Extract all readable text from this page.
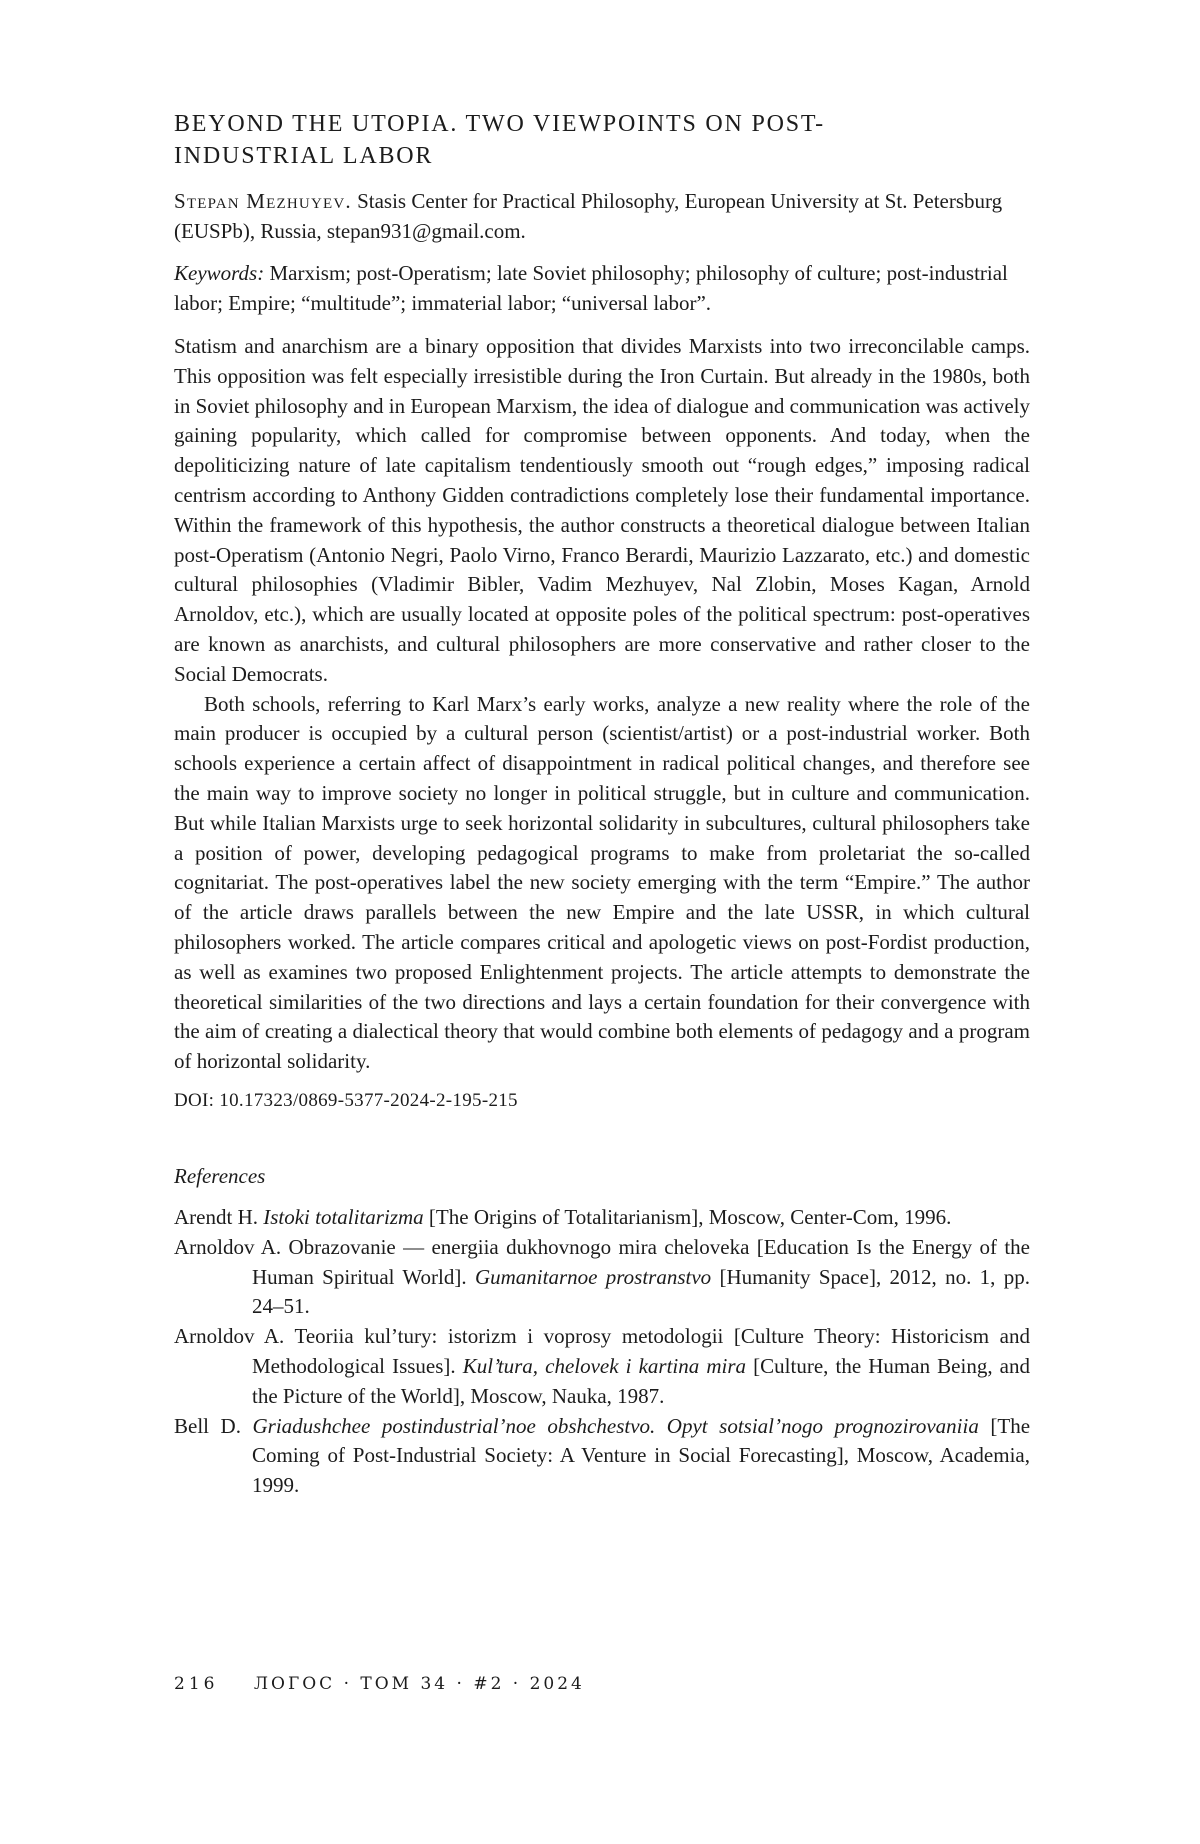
BEYOND THE UTOPIA. TWO VIEWPOINTS ON POST-INDUSTRIAL LABOR

Stepan Mezhuyev. Stasis Center for Practical Philosophy, European University at St. Petersburg (EUSPb), Russia, stepan931@gmail.com.

Keywords: Marxism; post-Operatism; late Soviet philosophy; philosophy of culture; post-industrial labor; Empire; “multitude”; immaterial labor; “universal labor”.

Statism and anarchism are a binary opposition that divides Marxists into two irreconcilable camps. This opposition was felt especially irresistible during the Iron Curtain. But already in the 1980s, both in Soviet philosophy and in European Marxism, the idea of dialogue and communication was actively gaining popularity, which called for compromise between opponents. And today, when the depoliticizing nature of late capitalism tendentiously smooth out “rough edges,” imposing radical centrism according to Anthony Gidden contradictions completely lose their fundamental importance. Within the framework of this hypothesis, the author constructs a theoretical dialogue between Italian post-Operatism (Antonio Negri, Paolo Virno, Franco Berardi, Maurizio Lazzarato, etc.) and domestic cultural philosophies (Vladimir Bibler, Vadim Mezhuyev, Nal Zlobin, Moses Kagan, Arnold Arnoldov, etc.), which are usually located at opposite poles of the political spectrum: post-operatives are known as anarchists, and cultural philosophers are more conservative and rather closer to the Social Democrats.

Both schools, referring to Karl Marx’s early works, analyze a new reality where the role of the main producer is occupied by a cultural person (scientist/artist) or a post-industrial worker. Both schools experience a certain affect of disappointment in radical political changes, and therefore see the main way to improve society no longer in political struggle, but in culture and communication. But while Italian Marxists urge to seek horizontal solidarity in subcultures, cultural philosophers take a position of power, developing pedagogical programs to make from proletariat the so-called cognitariat. The post-operatives label the new society emerging with the term “Empire.” The author of the article draws parallels between the new Empire and the late USSR, in which cultural philosophers worked. The article compares critical and apologetic views on post-Fordist production, as well as examines two proposed Enlightenment projects. The article attempts to demonstrate the theoretical similarities of the two directions and lays a certain foundation for their convergence with the aim of creating a dialectical theory that would combine both elements of pedagogy and a program of horizontal solidarity.

DOI: 10.17323/0869-5377-2024-2-195-215

References
Arendt H. Istoki totalitarizma [The Origins of Totalitarianism], Moscow, Center-Com, 1996.
Arnoldov A. Obrazovanie — energiia dukhovnogo mira cheloveka [Education Is the Energy of the Human Spiritual World]. Gumanitarnoe prostranstvo [Humanity Space], 2012, no. 1, pp. 24–51.
Arnoldov A. Teoriia kul’tury: istorizm i voprosy metodologii [Culture Theory: Historicism and Methodological Issues]. Kul’tura, chelovek i kartina mira [Culture, the Human Being, and the Picture of the World], Moscow, Nauka, 1987.
Bell D. Griadushchee postindustrial’noe obshchestvo. Opyt sotsial’nogo prognozirovaniia [The Coming of Post-Industrial Society: A Venture in Social Forecasting], Moscow, Academia, 1999.
216 ЛОГОС · ТОМ 34 · #2 · 2024
